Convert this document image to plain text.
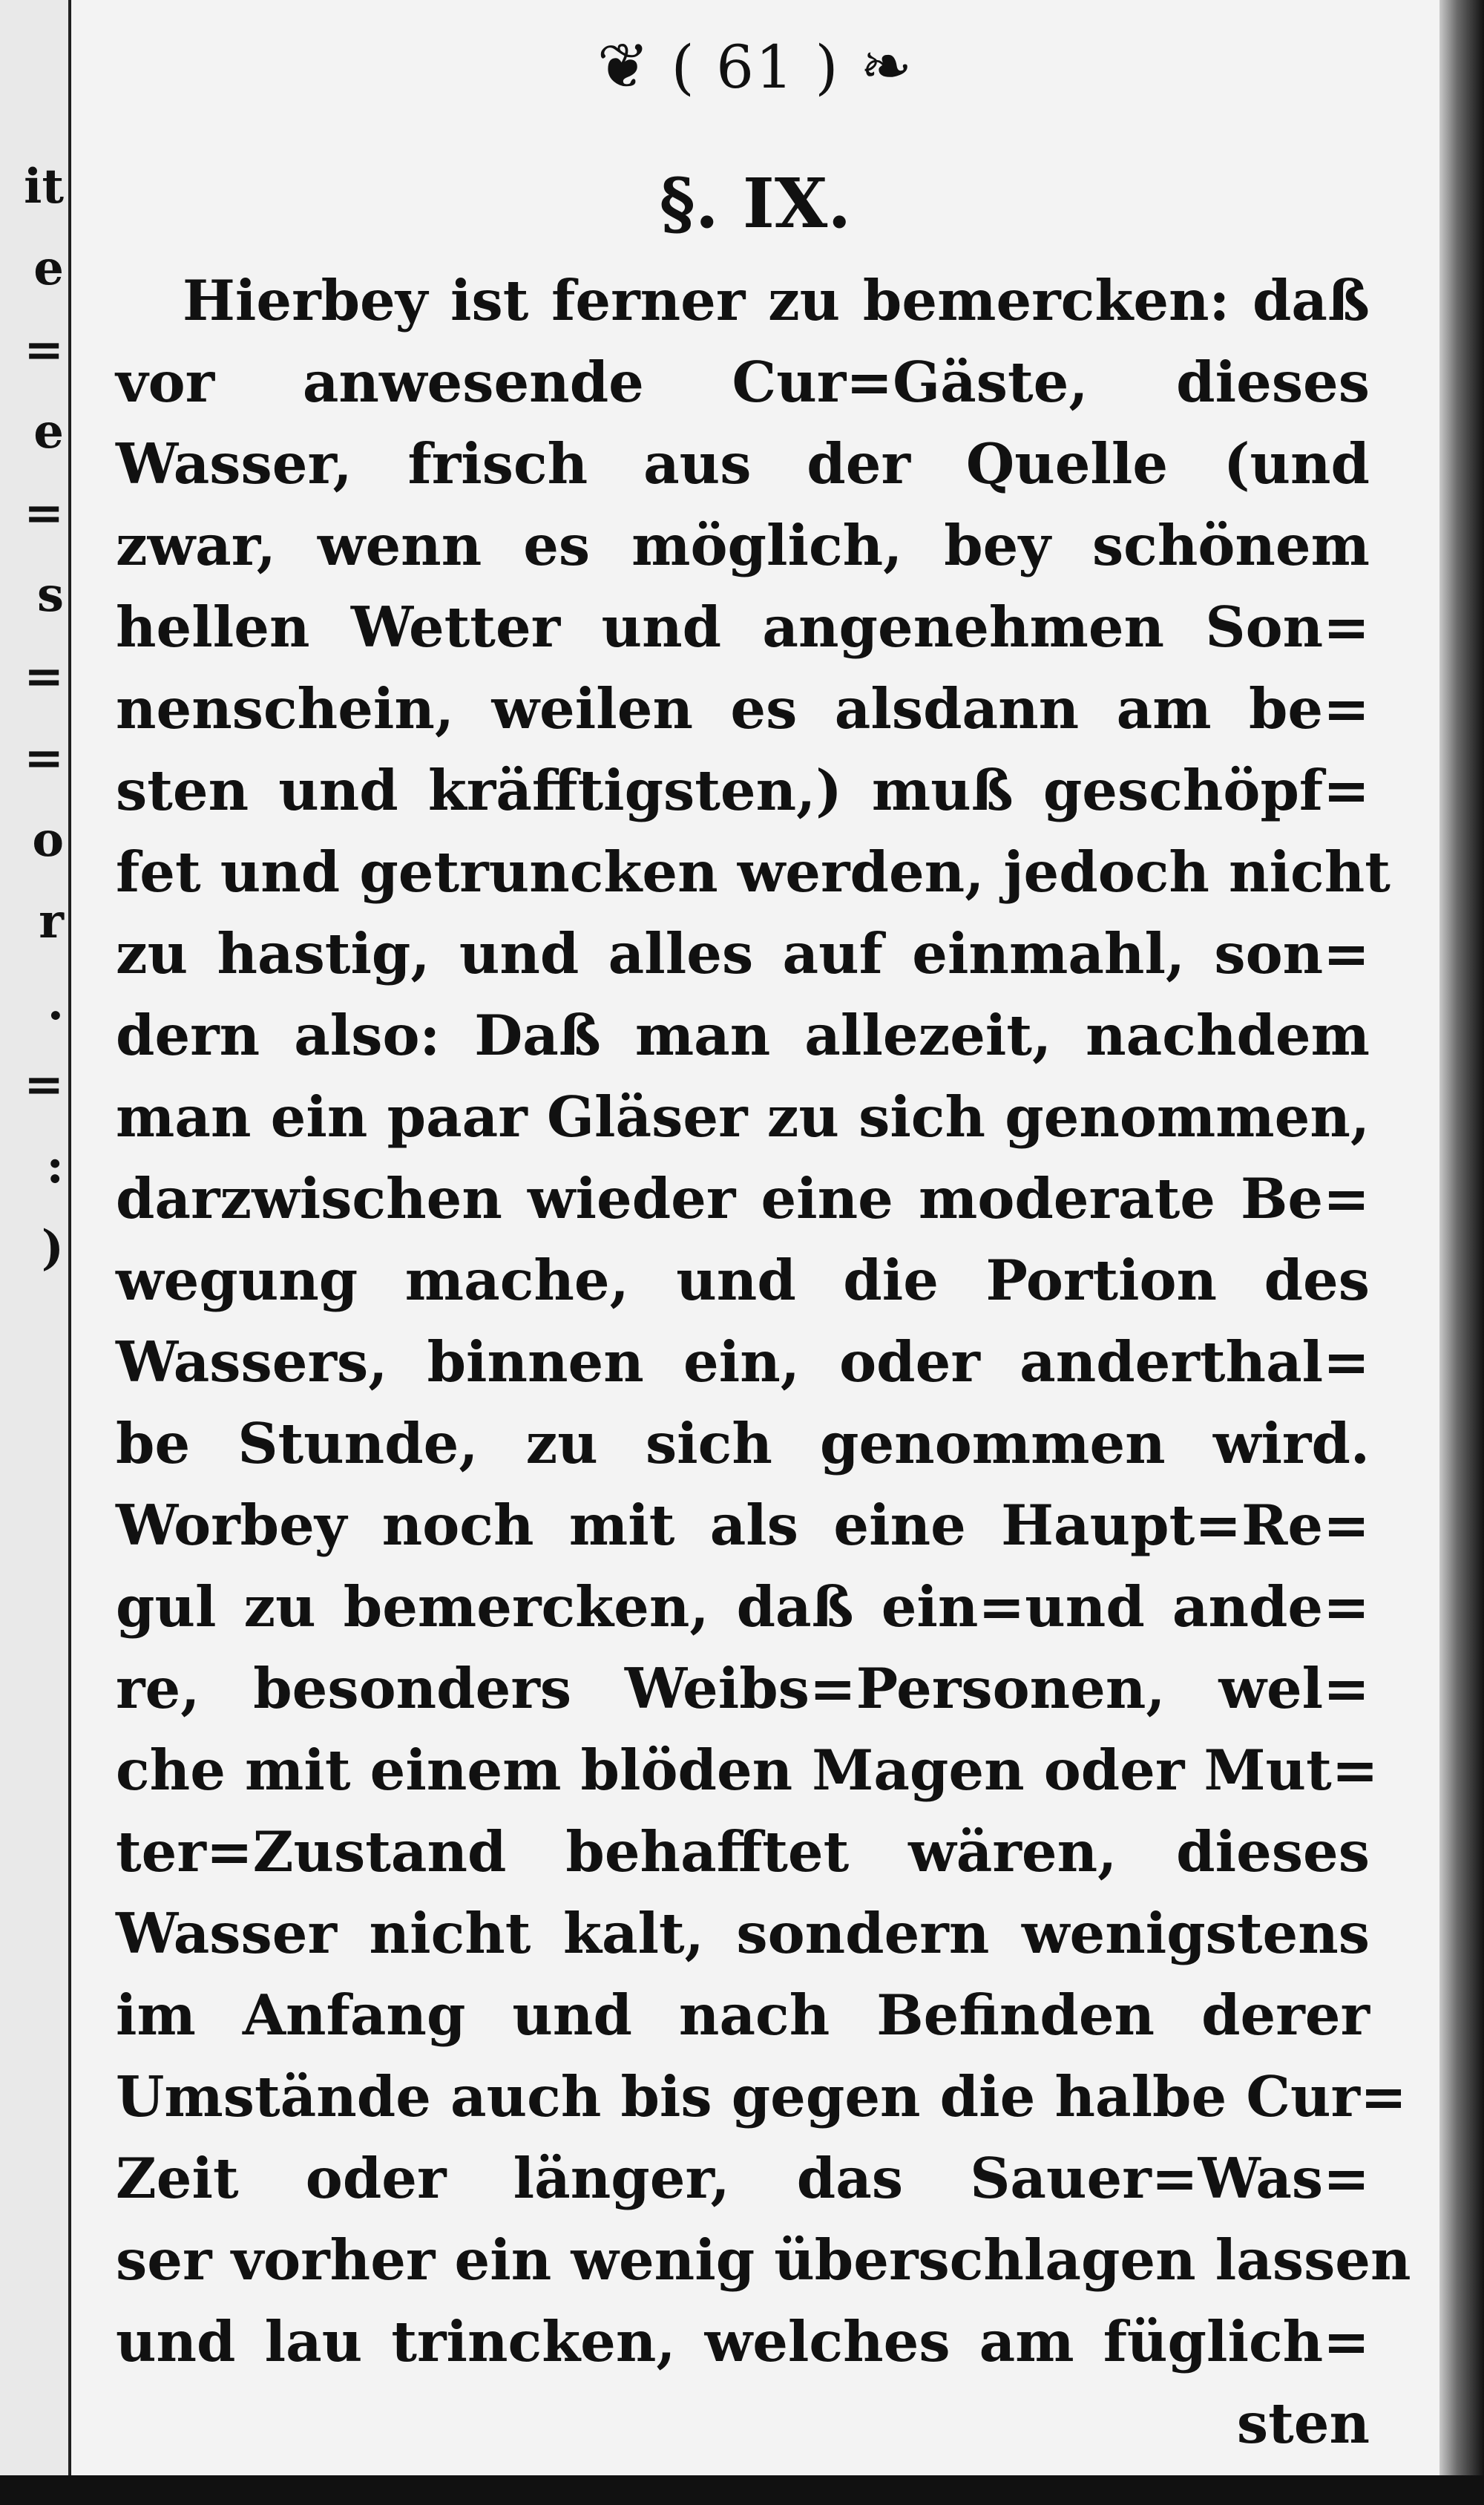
it
e
=
e
=
s
=
=
o
r
.
=
:
)
❦ ( 61 ) ❧
§. IX.
Hierbey ist ferner zu bemercken: daß
vor anwesende Cur=Gäste, dieses
Wasser, frisch aus der Quelle (und
zwar, wenn es möglich, bey schönem
hellen Wetter und angenehmen Son=
nenschein, weilen es alsdann am be=
sten und kräfftigsten,) muß geschöpf=
fet und getruncken werden, jedoch nicht
zu hastig, und alles auf einmahl, son=
dern also: Daß man allezeit, nachdem
man ein paar Gläser zu sich genommen,
darzwischen wieder eine moderate Be=
wegung mache, und die Portion des
Wassers, binnen ein, oder anderthal=
be Stunde, zu sich genommen wird.
Worbey noch mit als eine Haupt=Re=
gul zu bemercken, daß ein=und ande=
re, besonders Weibs=Personen, wel=
che mit einem blöden Magen oder Mut=
ter=Zustand behafftet wären, dieses
Wasser nicht kalt, sondern wenigstens
im Anfang und nach Befinden derer
Umstände auch bis gegen die halbe Cur=
Zeit oder länger, das Sauer=Was=
ser vorher ein wenig überschlagen lassen
und lau trincken, welches am füglich=
sten
